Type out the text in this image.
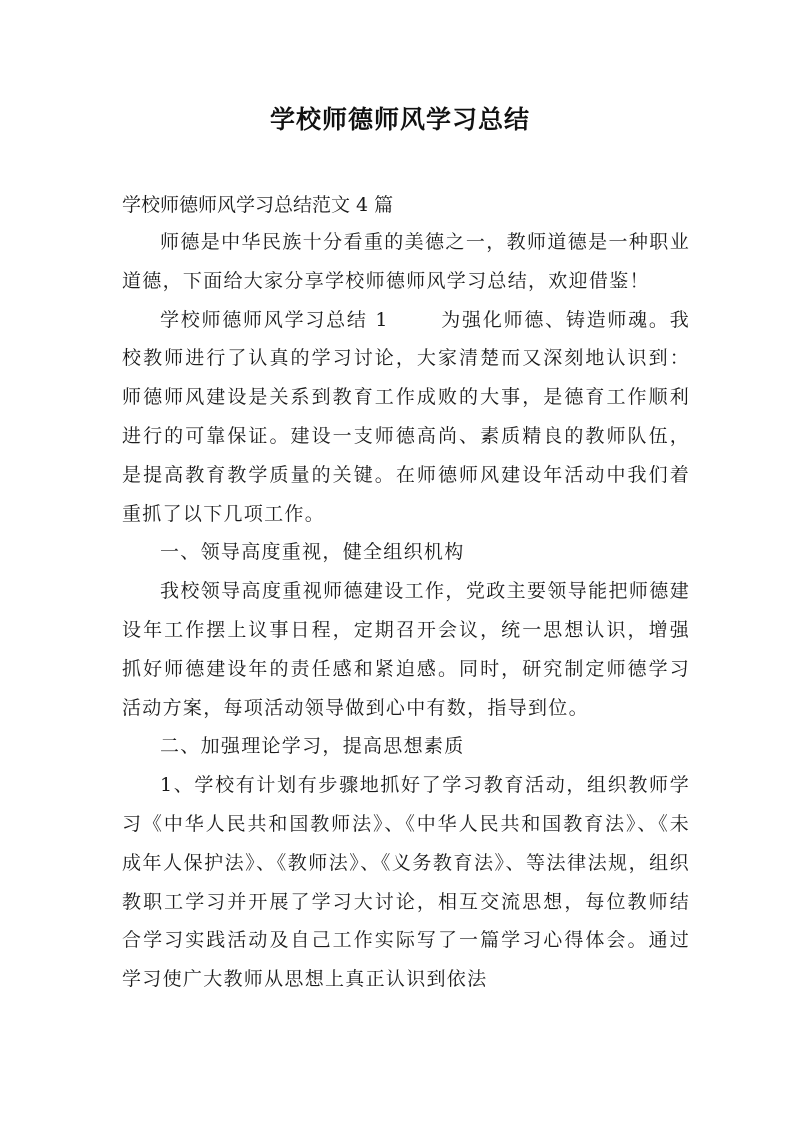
学校师德师风学习总结
学校师德师风学习总结范文 4 篇

师德是中华民族十分看重的美德之一，教师道德是一种职业道德，下面给大家分享学校师德师风学习总结，欢迎借鉴！

学校师德师风学习总结 1	为强化师德、铸造师魂。我校教师进行了认真的学习讨论，大家清楚而又深刻地认识到：师德师风建设是关系到教育工作成败的大事，是德育工作顺利进行的可靠保证。建设一支师德高尚、素质精良的教师队伍，是提高教育教学质量的关键。在师德师风建设年活动中我们着重抓了以下几项工作。

一、领导高度重视，健全组织机构

我校领导高度重视师德建设工作，党政主要领导能把师德建设年工作摆上议事日程，定期召开会议，统一思想认识，增强抓好师德建设年的责任感和紧迫感。同时，研究制定师德学习活动方案，每项活动领导做到心中有数，指导到位。

二、加强理论学习，提高思想素质

1、学校有计划有步骤地抓好了学习教育活动，组织教师学习《中华人民共和国教师法》、《中华人民共和国教育法》、《未成年人保护法》、《教师法》、《义务教育法》、等法律法规，组织教职工学习并开展了学习大讨论，相互交流思想，每位教师结合学习实践活动及自己工作实际写了一篇学习心得体会。通过学习使广大教师从思想上真正认识到依法
